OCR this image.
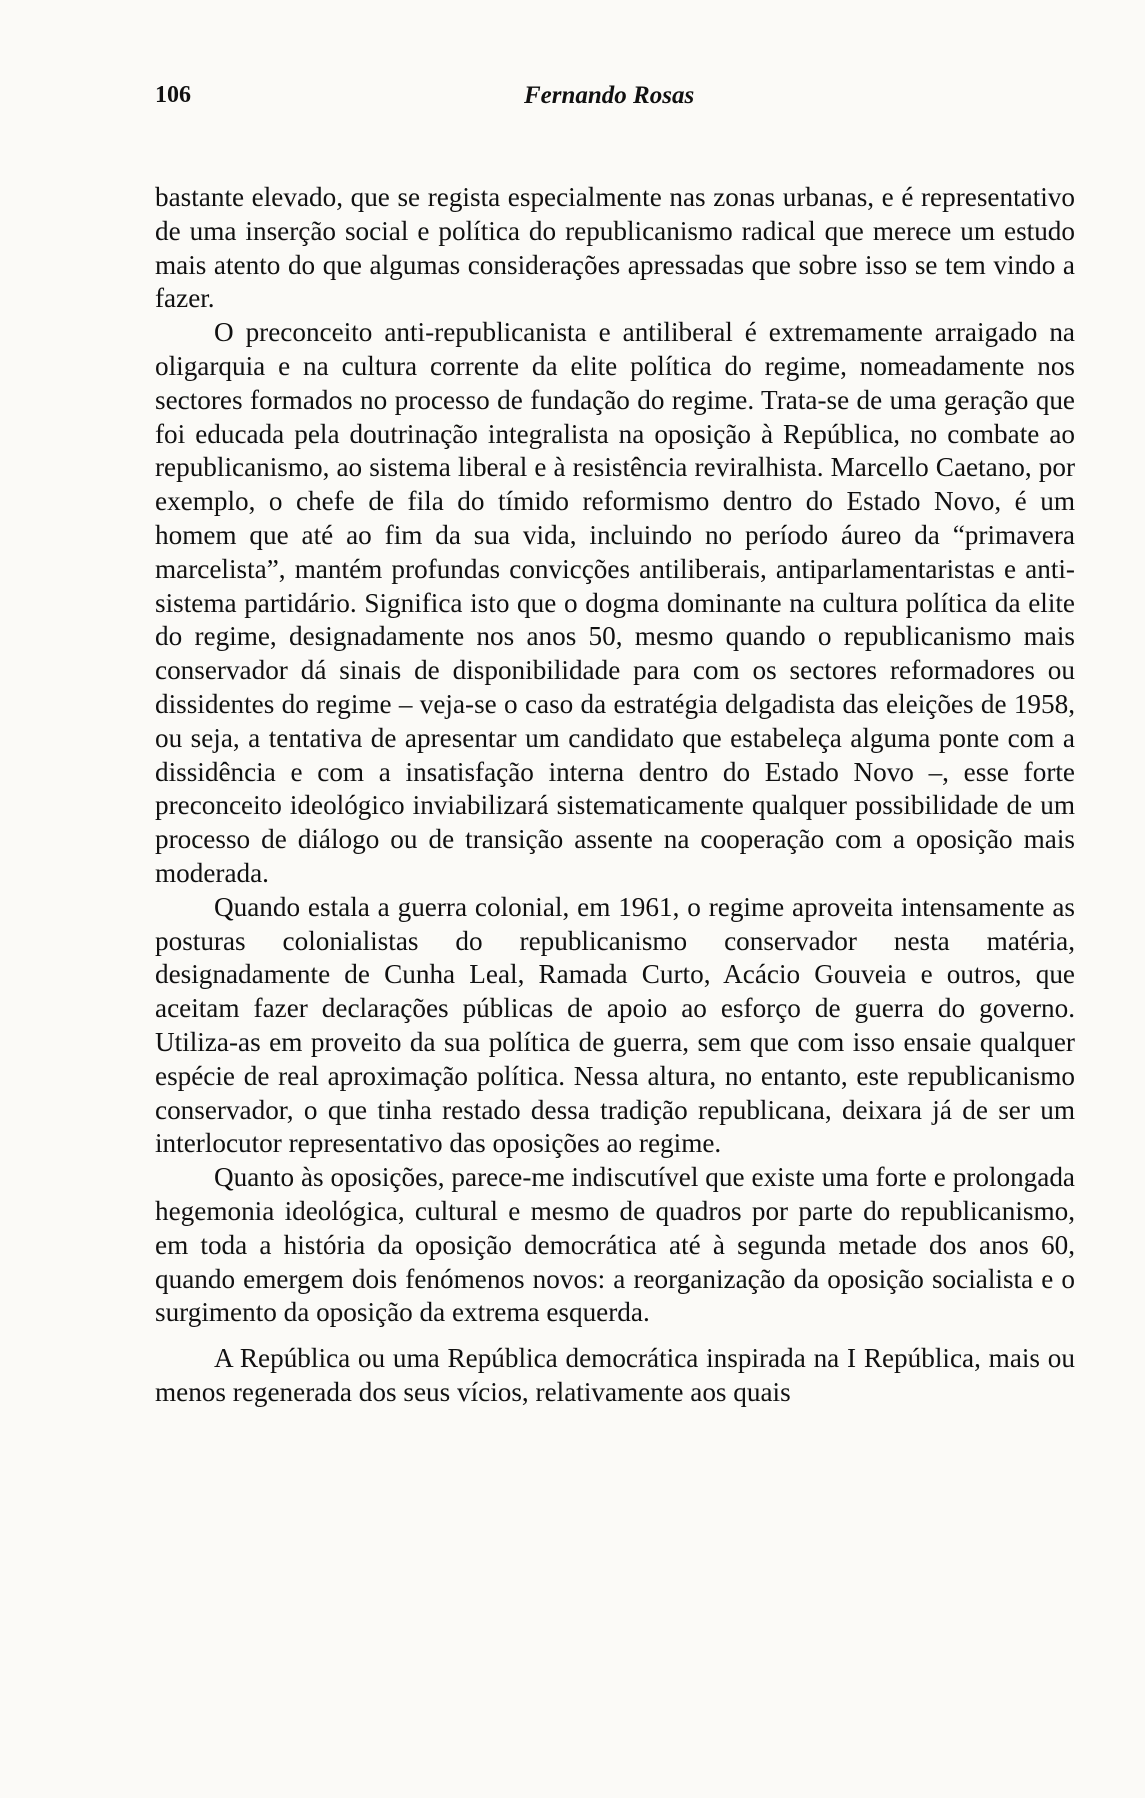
106	Fernando Rosas

bastante elevado, que se regista especialmente nas zonas urbanas, e é representativo de uma inserção social e política do republicanismo radical que merece um estudo mais atento do que algumas considerações apressadas que sobre isso se tem vindo a fazer.

O preconceito anti-republicanista e antiliberal é extremamente arraigado na oligarquia e na cultura corrente da elite política do regime, nomeadamente nos sectores formados no processo de fundação do regime. Trata-se de uma geração que foi educada pela doutrinação integralista na oposição à República, no combate ao republicanismo, ao sistema liberal e à resistência reviralhista. Marcello Caetano, por exemplo, o chefe de fila do tímido reformismo dentro do Estado Novo, é um homem que até ao fim da sua vida, incluindo no período áureo da “primavera marcelista”, mantém profundas convicções antiliberais, antiparlamentaristas e anti-sistema partidário. Significa isto que o dogma dominante na cultura política da elite do regime, designadamente nos anos 50, mesmo quando o republicanismo mais conservador dá sinais de disponibilidade para com os sectores reformadores ou dissidentes do regime – veja-se o caso da estratégia delgadista das eleições de 1958, ou seja, a tentativa de apresentar um candidato que estabeleça alguma ponte com a dissidência e com a insatisfação interna dentro do Estado Novo –, esse forte preconceito ideológico inviabilizará sistematicamente qualquer possibilidade de um processo de diálogo ou de transição assente na cooperação com a oposição mais moderada.

Quando estala a guerra colonial, em 1961, o regime aproveita intensamente as posturas colonialistas do republicanismo conservador nesta matéria, designadamente de Cunha Leal, Ramada Curto, Acácio Gouveia e outros, que aceitam fazer declarações públicas de apoio ao esforço de guerra do governo. Utiliza-as em proveito da sua política de guerra, sem que com isso ensaie qualquer espécie de real aproximação política. Nessa altura, no entanto, este republicanismo conservador, o que tinha restado dessa tradição republicana, deixara já de ser um interlocutor representativo das oposições ao regime.

Quanto às oposições, parece-me indiscutível que existe uma forte e prolongada hegemonia ideológica, cultural e mesmo de quadros por parte do republicanismo, em toda a história da oposição democrática até à segunda metade dos anos 60, quando emergem dois fenómenos novos: a reorganização da oposição socialista e o surgimento da oposição da extrema esquerda.

A República ou uma República democrática inspirada na I República, mais ou menos regenerada dos seus vícios, relativamente aos quais
